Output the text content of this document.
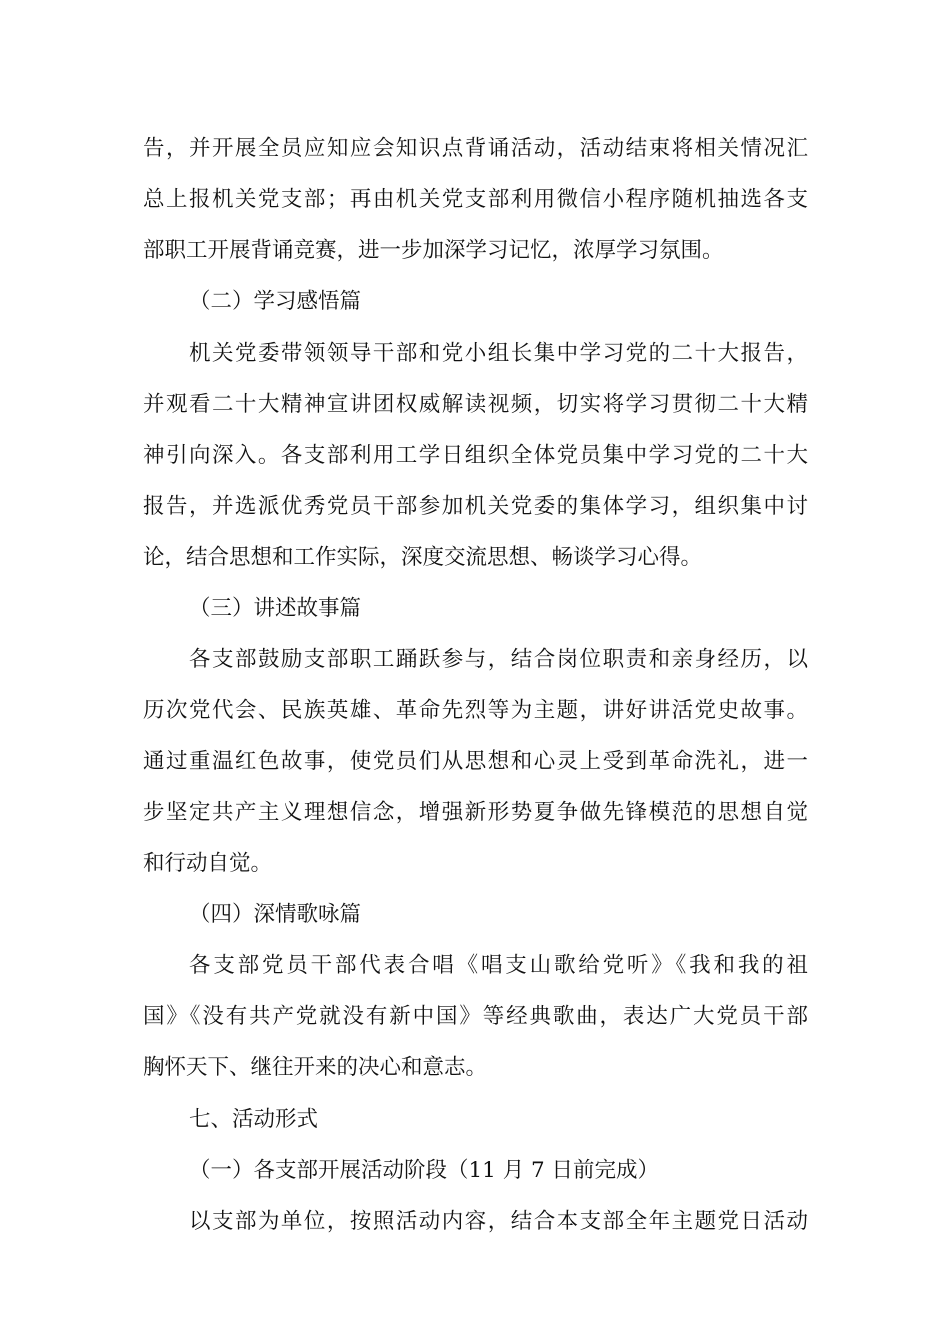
告，并开展全员应知应会知识点背诵活动，活动结束将相关情况汇
总上报机关党支部；再由机关党支部利用微信小程序随机抽选各支
部职工开展背诵竞赛，进一步加深学习记忆，浓厚学习氛围。
（二）学习感悟篇
机关党委带领领导干部和党小组长集中学习党的二十大报告，
并观看二十大精神宣讲团权威解读视频，切实将学习贯彻二十大精
神引向深入。各支部利用工学日组织全体党员集中学习党的二十大
报告，并选派优秀党员干部参加机关党委的集体学习，组织集中讨
论，结合思想和工作实际，深度交流思想、畅谈学习心得。
（三）讲述故事篇
各支部鼓励支部职工踊跃参与，结合岗位职责和亲身经历，以
历次党代会、民族英雄、革命先烈等为主题，讲好讲活党史故事。
通过重温红色故事，使党员们从思想和心灵上受到革命洗礼，进一
步坚定共产主义理想信念，增强新形势夏争做先锋模范的思想自觉
和行动自觉。
（四）深情歌咏篇
各支部党员干部代表合唱《唱支山歌给党听》《我和我的祖
国》《没有共产党就没有新中国》等经典歌曲，表达广大党员干部
胸怀天下、继往开来的决心和意志。
七、活动形式
（一）各支部开展活动阶段（11 月 7 日前完成）
以支部为单位，按照活动内容，结合本支部全年主题党日活动
